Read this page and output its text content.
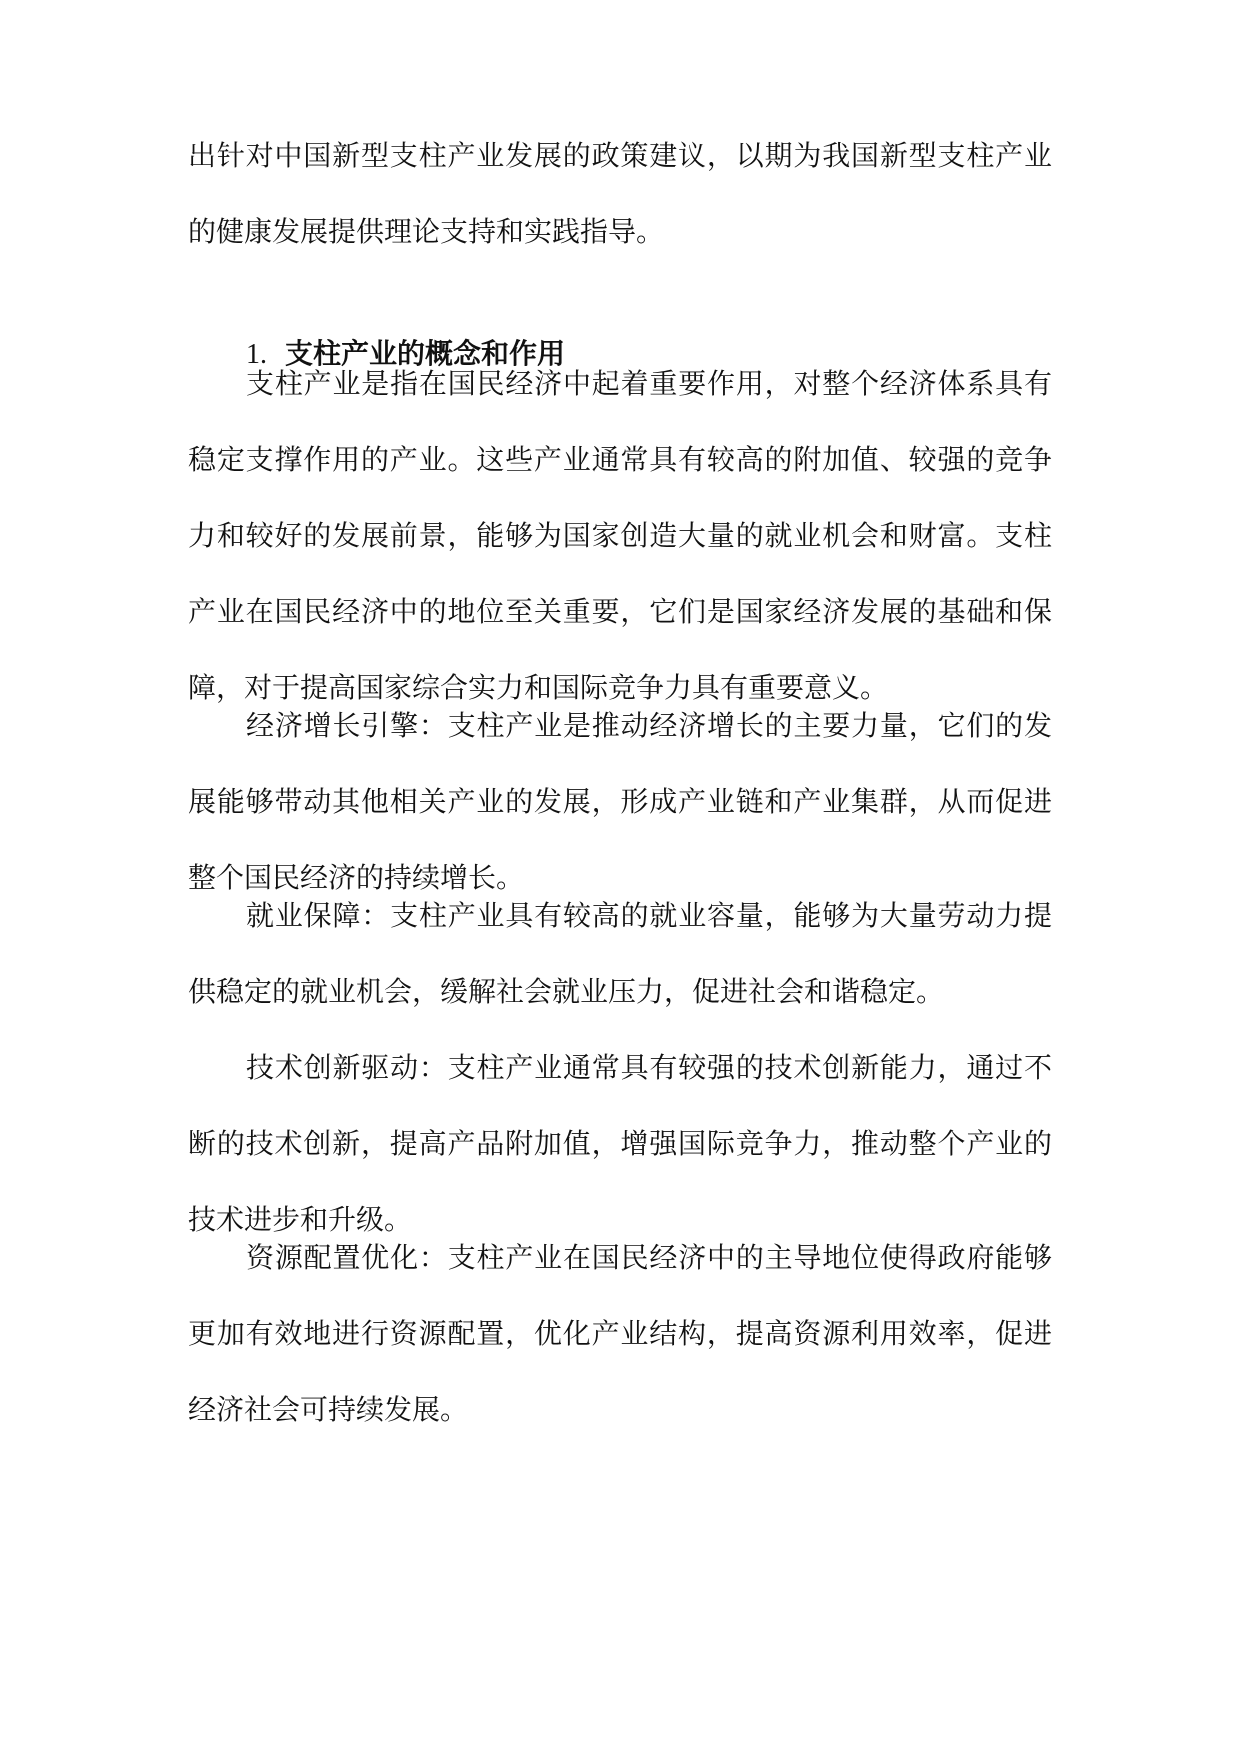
出针对中国新型支柱产业发展的政策建议，以期为我国新型支柱产业的健康发展提供理论支持和实践指导。

1. 支柱产业的概念和作用

支柱产业是指在国民经济中起着重要作用，对整个经济体系具有稳定支撑作用的产业。这些产业通常具有较高的附加值、较强的竞争力和较好的发展前景，能够为国家创造大量的就业机会和财富。支柱产业在国民经济中的地位至关重要，它们是国家经济发展的基础和保障，对于提高国家综合实力和国际竞争力具有重要意义。

经济增长引擎：支柱产业是推动经济增长的主要力量，它们的发展能够带动其他相关产业的发展，形成产业链和产业集群，从而促进整个国民经济的持续增长。

就业保障：支柱产业具有较高的就业容量，能够为大量劳动力提供稳定的就业机会，缓解社会就业压力，促进社会和谐稳定。

技术创新驱动：支柱产业通常具有较强的技术创新能力，通过不断的技术创新，提高产品附加值，增强国际竞争力，推动整个产业的技术进步和升级。

资源配置优化：支柱产业在国民经济中的主导地位使得政府能够更加有效地进行资源配置，优化产业结构，提高资源利用效率，促进经济社会可持续发展。
